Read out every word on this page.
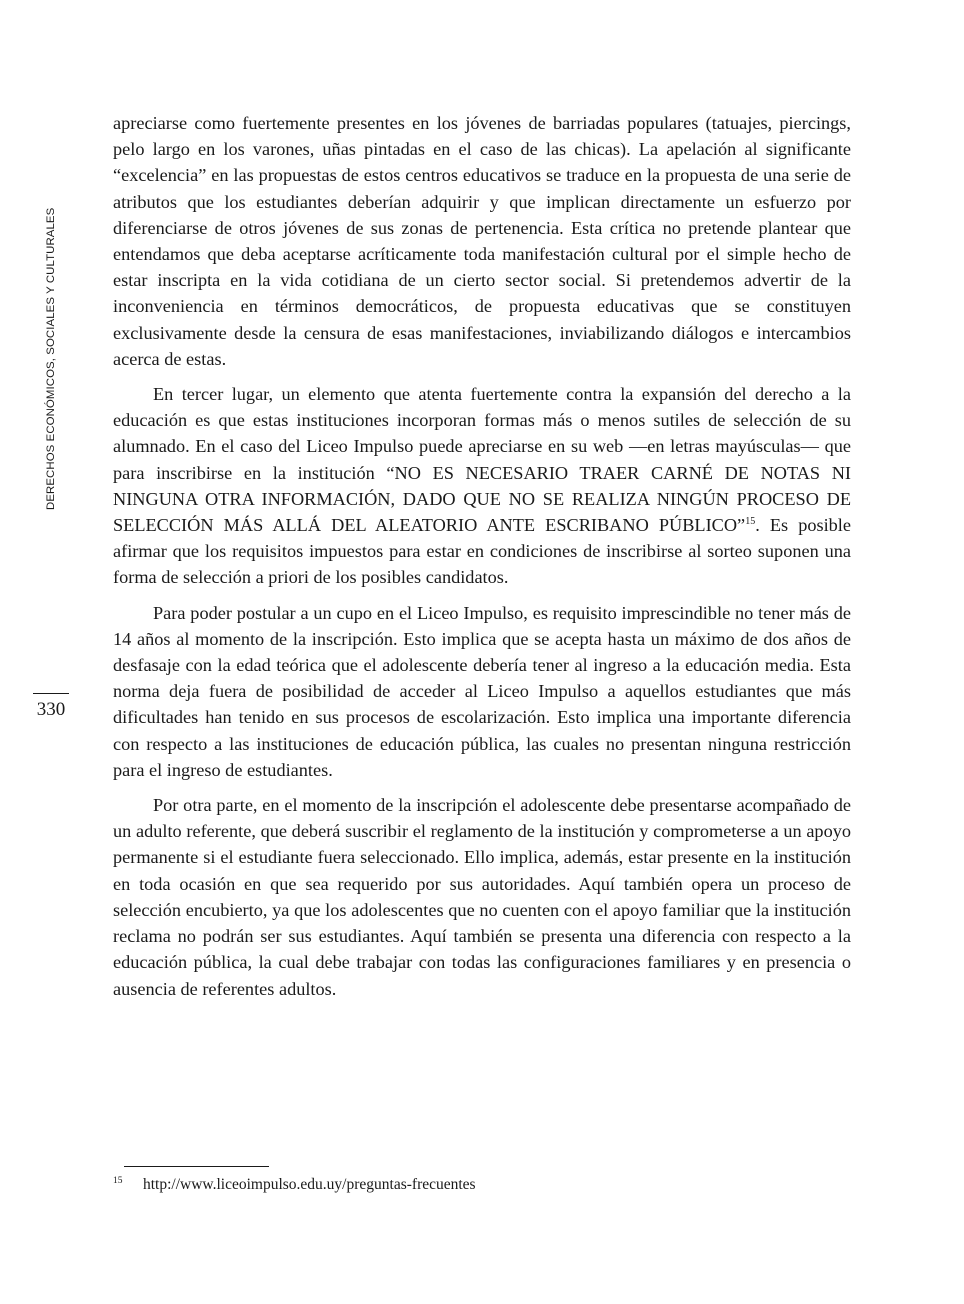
DERECHOS ECONÓMICOS, SOCIALES Y CULTURALES
330

apreciarse como fuertemente presentes en los jóvenes de barriadas populares (tatuajes, piercings, pelo largo en los varones, uñas pintadas en el caso de las chicas). La apelación al significante “excelencia” en las propuestas de estos centros educativos se traduce en la propuesta de una serie de atributos que los estudiantes deberían adquirir y que implican directamente un esfuerzo por diferenciarse de otros jóvenes de sus zonas de pertenencia. Esta crítica no pretende plantear que entendamos que deba aceptarse acríticamente toda manifestación cultural por el simple hecho de estar inscripta en la vida cotidiana de un cierto sector social. Si pretendemos advertir de la inconveniencia en términos democráticos, de propuesta educativas que se constituyen exclusivamente desde la censura de esas manifestaciones, inviabilizando diálogos e intercambios acerca de estas.

En tercer lugar, un elemento que atenta fuertemente contra la expansión del derecho a la educación es que estas instituciones incorporan formas más o menos sutiles de selección de su alumnado. En el caso del Liceo Impulso puede apreciarse en su web —en letras mayúsculas— que para inscribirse en la institución “NO ES NECESARIO TRAER CARNÉ DE NOTAS NI NINGUNA OTRA INFORMACIÓN, DADO QUE NO SE REALIZA NINGÚN PROCESO DE SELECCIÓN MÁS ALLÁ DEL ALEATORIO ANTE ESCRIBANO PÚBLICO”$^{15}$. Es posible afirmar que los requisitos impuestos para estar en condiciones de inscribirse al sorteo suponen una forma de selección a priori de los posibles candidatos.

Para poder postular a un cupo en el Liceo Impulso, es requisito imprescindible no tener más de 14 años al momento de la inscripción. Esto implica que se acepta hasta un máximo de dos años de desfasaje con la edad teórica que el adolescente debería tener al ingreso a la educación media. Esta norma deja fuera de posibilidad de acceder al Liceo Impulso a aquellos estudiantes que más dificultades han tenido en sus procesos de escolarización. Esto implica una importante diferencia con respecto a las instituciones de educación pública, las cuales no presentan ninguna restricción para el ingreso de estudiantes.

Por otra parte, en el momento de la inscripción el adolescente debe presentarse acompañado de un adulto referente, que deberá suscribir el reglamento de la institución y comprometerse a un apoyo permanente si el estudiante fuera seleccionado. Ello implica, además, estar presente en la institución en toda ocasión en que sea requerido por sus autoridades. Aquí también opera un proceso de selección encubierto, ya que los adolescentes que no cuenten con el apoyo familiar que la institución reclama no podrán ser sus estudiantes. Aquí también se presenta una diferencia con respecto a la educación pública, la cual debe trabajar con todas las configuraciones familiares y en presencia o ausencia de referentes adultos.

15 http://www.liceoimpulso.edu.uy/preguntas-frecuentes
